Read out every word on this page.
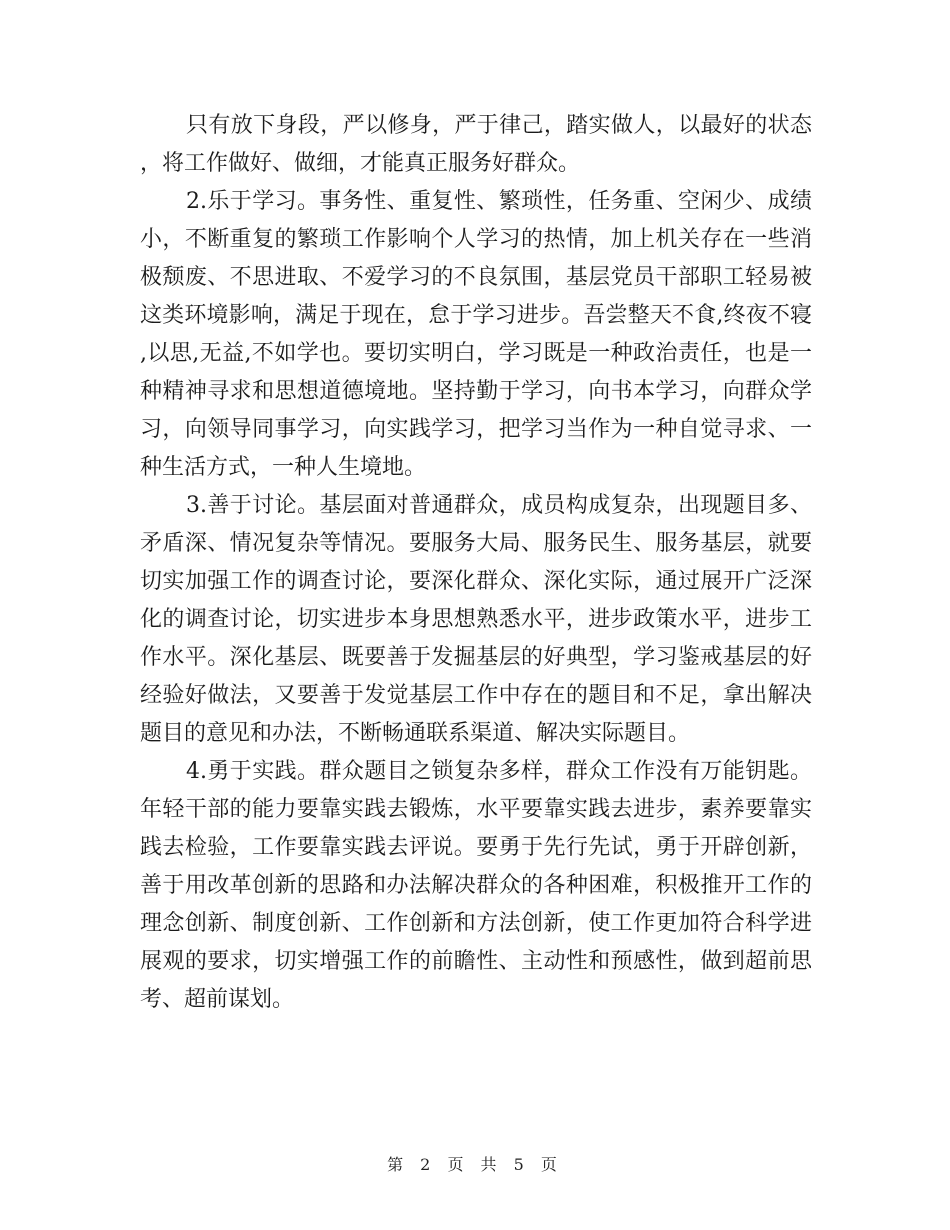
只有放下身段，严以修身，严于律己，踏实做人，以最好的状态，将工作做好、做细，才能真正服务好群众。

2.乐于学习。事务性、重复性、繁琐性，任务重、空闲少、成绩小，不断重复的繁琐工作影响个人学习的热情，加上机关存在一些消极颓废、不思进取、不爱学习的不良氛围，基层党员干部职工轻易被这类环境影响，满足于现在，怠于学习进步。吾尝整天不食,终夜不寝,以思,无益,不如学也。要切实明白，学习既是一种政治责任，也是一种精神寻求和思想道德境地。坚持勤于学习，向书本学习，向群众学习，向领导同事学习，向实践学习，把学习当作为一种自觉寻求、一种生活方式，一种人生境地。

3.善于讨论。基层面对普通群众，成员构成复杂，出现题目多、矛盾深、情况复杂等情况。要服务大局、服务民生、服务基层，就要切实加强工作的调查讨论，要深化群众、深化实际，通过展开广泛深化的调查讨论，切实进步本身思想熟悉水平，进步政策水平，进步工作水平。深化基层、既要善于发掘基层的好典型，学习鉴戒基层的好经验好做法，又要善于发觉基层工作中存在的题目和不足，拿出解决题目的意见和办法，不断畅通联系渠道、解决实际题目。

4.勇于实践。群众题目之锁复杂多样，群众工作没有万能钥匙。年轻干部的能力要靠实践去锻炼，水平要靠实践去进步，素养要靠实践去检验，工作要靠实践去评说。要勇于先行先试，勇于开辟创新，善于用改革创新的思路和办法解决群众的各种困难，积极推开工作的理念创新、制度创新、工作创新和方法创新，使工作更加符合科学进展观的要求，切实增强工作的前瞻性、主动性和预感性，做到超前思考、超前谋划。

第 2 页 共 5 页
